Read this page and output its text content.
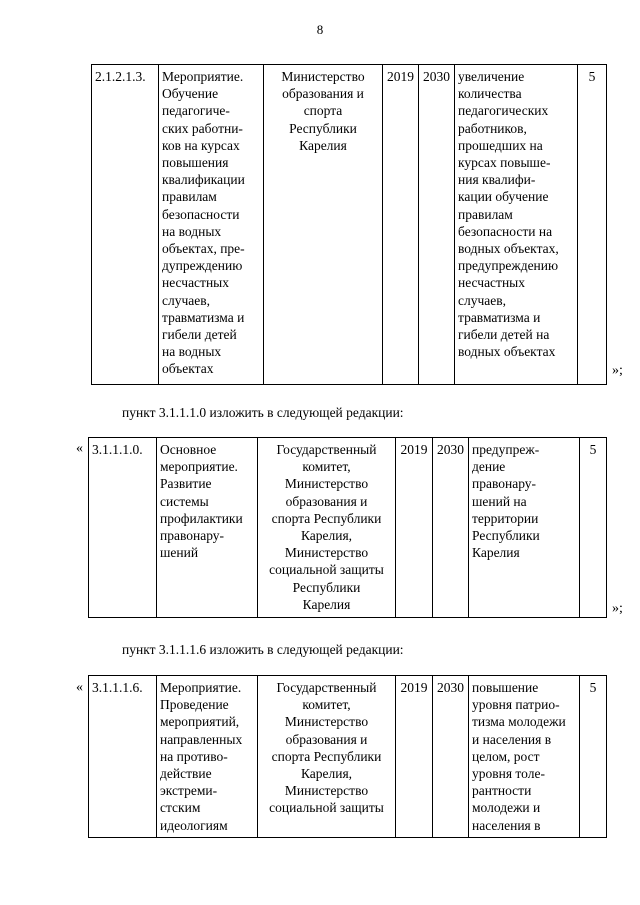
8
2.1.2.1.3.	Мероприятие.
Обучение
педагогиче-
ских работни-
ков на курсах
повышения
квалификации
правилам
безопасности
на водных
объектах, пре-
дупреждению
несчастных
случаев,
травматизма и
гибели детей
на водных
объектах	Министерство
образования и
спорта
Республики
Карелия	2019	2030	увеличение
количества
педагогических
работников,
прошедших на
курсах повыше-
ния квалифи-
кации обучение
правилам
безопасности на
водных объектах,
предупреждению
несчастных
случаев,
травматизма и
гибели детей на
водных объектах	5
»;
пункт 3.1.1.1.0 изложить в следующей редакции:
« 3.1.1.1.0.	Основное
мероприятие.
Развитие
системы
профилактики
правонару-
шений	Государственный
комитет,
Министерство
образования и
спорта Республики
Карелия,
Министерство
социальной защиты
Республики
Карелия	2019	2030	предупреж-
дение
правонару-
шений на
территории
Республики
Карелия	5
»;
пункт 3.1.1.1.6 изложить в следующей редакции:
« 3.1.1.1.6.	Мероприятие.
Проведение
мероприятий,
направленных
на противо-
действие
экстреми-
стским
идеологиям	Государственный
комитет,
Министерство
образования и
спорта Республики
Карелия,
Министерство
социальной защиты	2019	2030	повышение
уровня патрио-
тизма молодежи
и населения в
целом, рост
уровня толе-
рантности
молодежи и
населения в	5
